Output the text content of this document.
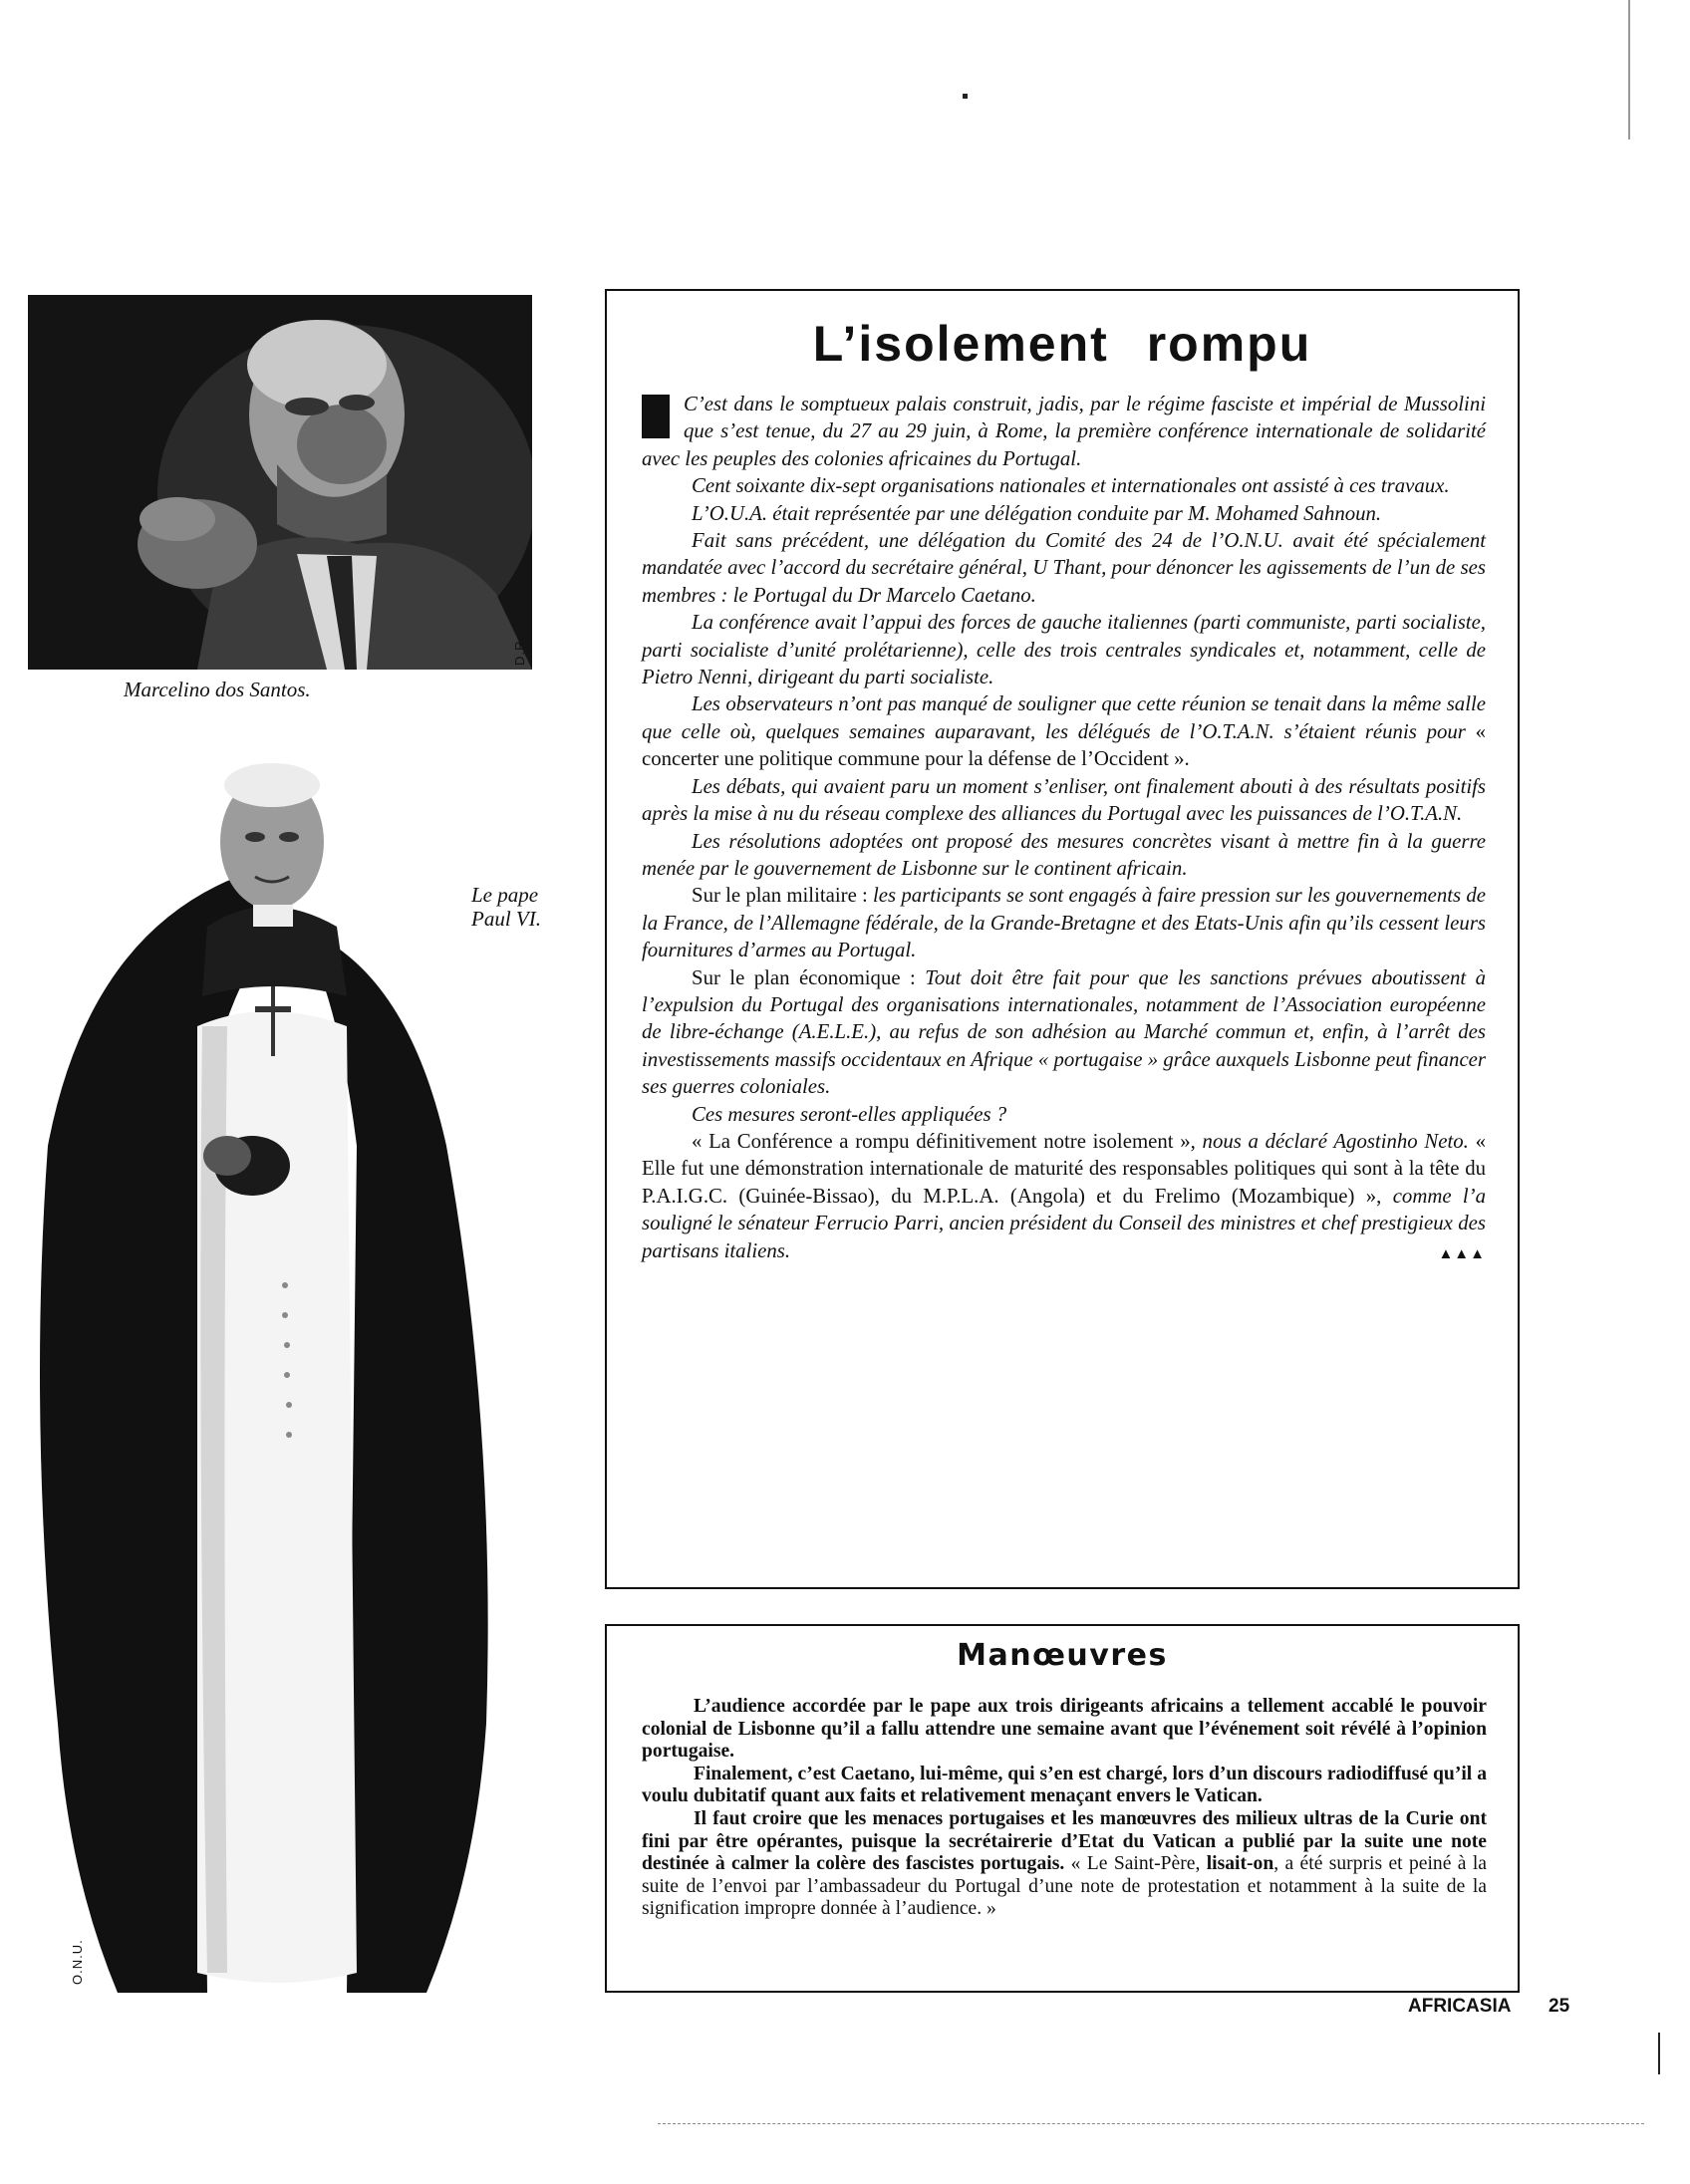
D.R.
Marcelino dos Santos.
Le pape
Paul VI.
O.N.U.
L’isolement rompu

C’est dans le somptueux palais construit, jadis, par le régime fasciste et impérial de Mussolini que s’est tenue, du 27 au 29 juin, à Rome, la première conférence internationale de solidarité avec les peuples des colonies africaines du Portugal.

Cent soixante dix-sept organisations nationales et internationales ont assisté à ces travaux.

L’O.U.A. était représentée par une délégation conduite par M. Mohamed Sahnoun.

Fait sans précédent, une délégation du Comité des 24 de l’O.N.U. avait été spécialement mandatée avec l’accord du secrétaire général, U Thant, pour dénoncer les agissements de l’un de ses membres : le Portugal du Dr Marcelo Caetano.

La conférence avait l’appui des forces de gauche italiennes (parti communiste, parti socialiste, parti socialiste d’unité prolétarienne), celle des trois centrales syndicales et, notamment, celle de Pietro Nenni, dirigeant du parti socialiste.

Les observateurs n’ont pas manqué de souligner que cette réunion se tenait dans la même salle que celle où, quelques semaines auparavant, les délégués de l’O.T.A.N. s’étaient réunis pour « concerter une politique commune pour la défense de l’Occident ».

Les débats, qui avaient paru un moment s’enliser, ont finalement abouti à des résultats positifs après la mise à nu du réseau complexe des alliances du Portugal avec les puissances de l’O.T.A.N.

Les résolutions adoptées ont proposé des mesures concrètes visant à mettre fin à la guerre menée par le gouvernement de Lisbonne sur le continent africain.

Sur le plan militaire : les participants se sont engagés à faire pression sur les gouvernements de la France, de l’Allemagne fédérale, de la Grande-Bretagne et des Etats-Unis afin qu’ils cessent leurs fournitures d’armes au Portugal.

Sur le plan économique : Tout doit être fait pour que les sanctions prévues aboutissent à l’expulsion du Portugal des organisations internationales, notamment de l’Association européenne de libre-échange (A.E.L.E.), au refus de son adhésion au Marché commun et, enfin, à l’arrêt des investissements massifs occidentaux en Afrique « portugaise » grâce auxquels Lisbonne peut financer ses guerres coloniales.

Ces mesures seront-elles appliquées ?

« La Conférence a rompu définitivement notre isolement », nous a déclaré Agostinho Neto. « Elle fut une démonstration internationale de maturité des responsables politiques qui sont à la tête du P.A.I.G.C. (Guinée-Bissao), du M.P.L.A. (Angola) et du Frelimo (Mozambique) », comme l’a souligné le sénateur Ferrucio Parri, ancien président du Conseil des ministres et chef prestigieux des partisans italiens.	▲▲▲

Manœuvres

L’audience accordée par le pape aux trois dirigeants africains a tellement accablé le pouvoir colonial de Lisbonne qu’il a fallu attendre une semaine avant que l’événement soit révélé à l’opinion portugaise.

Finalement, c’est Caetano, lui-même, qui s’en est chargé, lors d’un discours radiodiffusé qu’il a voulu dubitatif quant aux faits et relativement menaçant envers le Vatican.

Il faut croire que les menaces portugaises et les manœuvres des milieux ultras de la Curie ont fini par être opérantes, puisque la secrétairerie d’Etat du Vatican a publié par la suite une note destinée à calmer la colère des fascistes portugais. « Le Saint-Père, lisait-on, a été surpris et peiné à la suite de l’envoi par l’ambassadeur du Portugal d’une note de protestation et notamment à la suite de la signification impropre donnée à l’audience. »

AFRICASIA 25
